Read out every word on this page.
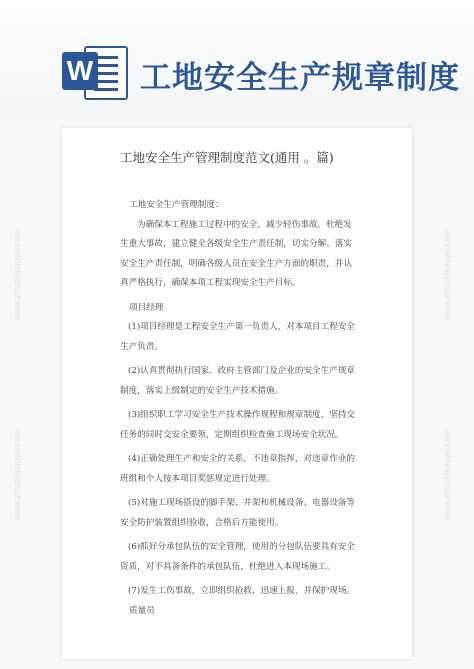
W 工地安全生产规章制度
www.zhuzhijiaoyu.com
www.zhuzhijiaoyu.com
www.zhuzhijiaoyu.com
www.zhuzhijiaoyu.com
工地安全生产管理制度范文(通用 。篇)

工地安全生产管理制度：

为确保本工程施工过程中的安全，减少轻伤事故，杜绝发生重大事故，建立健全各级安全生产责任制，切实分解、落实安全生产责任制，明确各级人员在安全生产方面的职责，并认真严格执行，确保本项工程实现安全生产目标。

项目经理

(1)项目经理是工程安全生产第一负责人，对本项目工程安全生产负责。

(2)认真贯彻执行国家、政府主管部门及企业的安全生产规章制度，落实上级制定的安全生产技术措施。

(3)组织职工学习安全生产技术操作规程和规章制度，坚持交任务的同时交安全要领，定期组织检查施工现场安全状况。

(4)正确处理生产和安全的关系，不违章指挥，对违章作业的班组和个人按本项目奖惩规定进行处理。

(5)对施工现场搭设的脚手架、井架和机械设备、电器设备等安全防护装置组织验收，合格后方能使用。

(6)抓好分承包队伍的安全管理，使用的分包队伍要具有安全资质，对不具备条件的承包队伍，杜绝进入本现场施工。

(7)发生工伤事故，立即组织抢救，迅速上报，并保护现场。

质量员
